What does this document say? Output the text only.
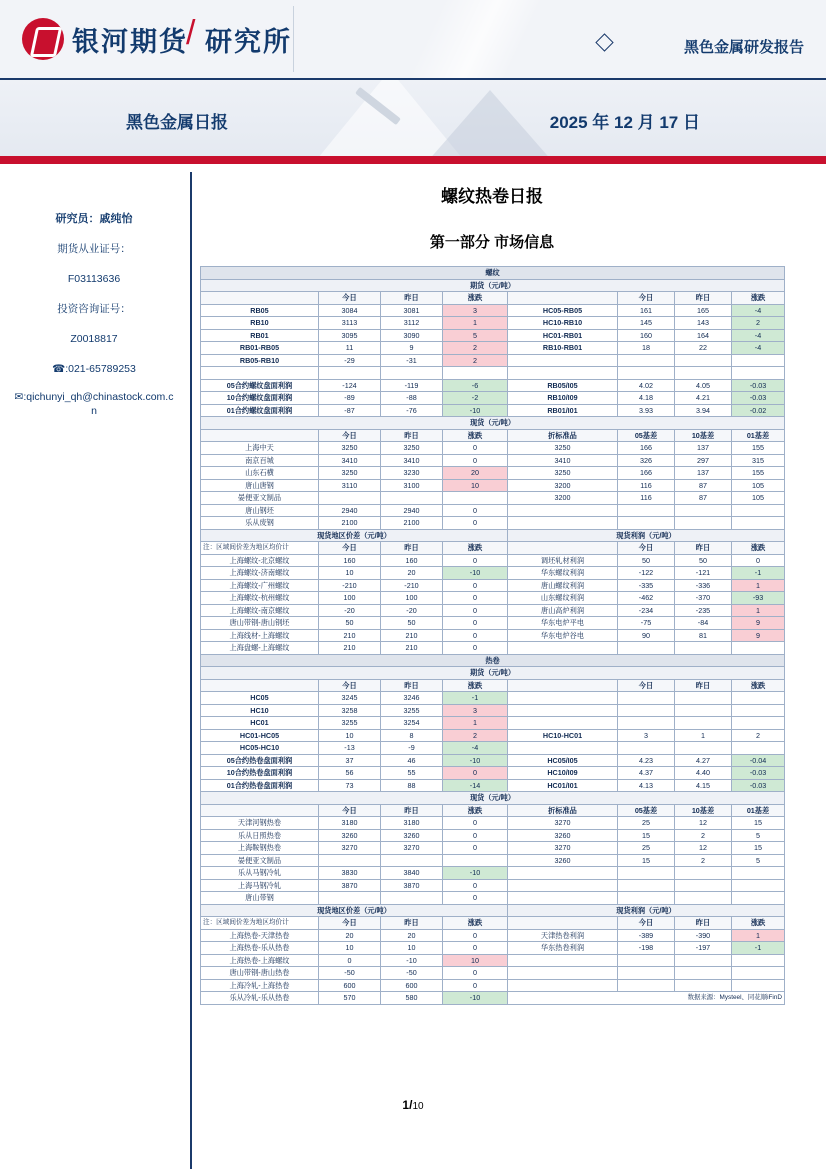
银河期货
/ 研究所	黑色金属研发报告
黑色金属日报	2025 年 12 月 17 日
研究员：戚纯怡
期货从业证号：
F03113636
投资咨询证号：
Z0018817
☎:021-65789253
✉:qichunyi_qh@chinastock.com.cn
螺纹热卷日报
第一部分 市场信息
螺纹							
期货（元/吨）							
	今日	昨日	涨跌		今日	昨日	涨跌
RB05	3084	3081	3	HC05-RB05	161	165	-4
RB10	3113	3112	1	HC10-RB10	145	143	2
RB01	3095	3090	5	HC01-RB01	160	164	-4
RB01-RB05	11	9	2	RB10-RB01	18	22	-4
RB05-RB10	-29	-31	2				

05合约螺纹盘面利润	-124	-119	-6	RB05/I05	4.02	4.05	-0.03
10合约螺纹盘面利润	-89	-88	-2	RB10/I09	4.18	4.21	-0.03
01合约螺纹盘面利润	-87	-76	-10	RB01/I01	3.93	3.94	-0.02
现货（元/吨）							
	今日	昨日	涨跌	折标准品	05基差	10基差	01基差
上海中天	3250	3250	0	3250	166	137	155
南京百城	3410	3410	0	3410	326	297	315
山东石横	3250	3230	20	3250	166	137	155
唐山唐钢	3110	3100	10	3200	116	87	105
晏便亚文制品				3200	116	87	105
唐山钢坯	2940	2940	0				
乐从废钢	2100	2100	0				
现货地区价差（元/吨）				现货利润（元/吨）			
注：区域间价差为地区均价计	今日	昨日	涨跌		今日	昨日	涨跌
上海螺纹-北京螺纹	160	160	0	调坯轧材利润	50	50	0
上海螺纹-济南螺纹	10	20	-10	华东螺纹利润	-122	-121	-1
上海螺纹-广州螺纹	-210	-210	0	唐山螺纹利润	-335	-336	1
上海螺纹-杭州螺纹	100	100	0	山东螺纹利润	-462	-370	-93
上海螺纹-南京螺纹	-20	-20	0	唐山高炉利润	-234	-235	1
唐山带钢-唐山钢坯	50	50	0	华东电炉平电	-75	-84	9
上海线材-上海螺纹	210	210	0	华东电炉谷电	90	81	9
上海盘螺-上海螺纹	210	210	0				
热卷							
期货（元/吨）							
	今日	昨日	涨跌		今日	昨日	涨跌
HC05	3245	3246	-1				
HC10	3258	3255	3				
HC01	3255	3254	1				
HC01-HC05	10	8	2	HC10-HC01	3	1	2
HC05-HC10	-13	-9	-4				
05合约热卷盘面利润	37	46	-10	HC05/I05	4.23	4.27	-0.04
10合约热卷盘面利润	56	55	0	HC10/I09	4.37	4.40	-0.03
01合约热卷盘面利润	73	88	-14	HC01/I01	4.13	4.15	-0.03
现货（元/吨）							
	今日	昨日	涨跌	折标准品	05基差	10基差	01基差
天津河钢热卷	3180	3180	0	3270	25	12	15
乐从日照热卷	3260	3260	0	3260	15	2	5
上海鞍钢热卷	3270	3270	0	3270	25	12	15
晏便亚文制品				3260	15	2	5
乐从马钢冷轧	3830	3840	-10				
上海马钢冷轧	3870	3870	0				
唐山带钢			0				
现货地区价差（元/吨）				现货利润（元/吨）			
注：区域间价差为地区均价计	今日	昨日	涨跌		今日	昨日	涨跌
上海热卷-天津热卷	20	20	0	天津热卷利润	-389	-390	1
上海热卷-乐从热卷	10	10	0	华东热卷利润	-198	-197	-1
上海热卷-上海螺纹	0	-10	10				
唐山带钢-唐山热卷	-50	-50	0				
上海冷轧-上海热卷	600	600	0				
乐从冷轧-乐从热卷	570	580	-10	数据来源：Mysteel、同花顺iFinD			
1/10
